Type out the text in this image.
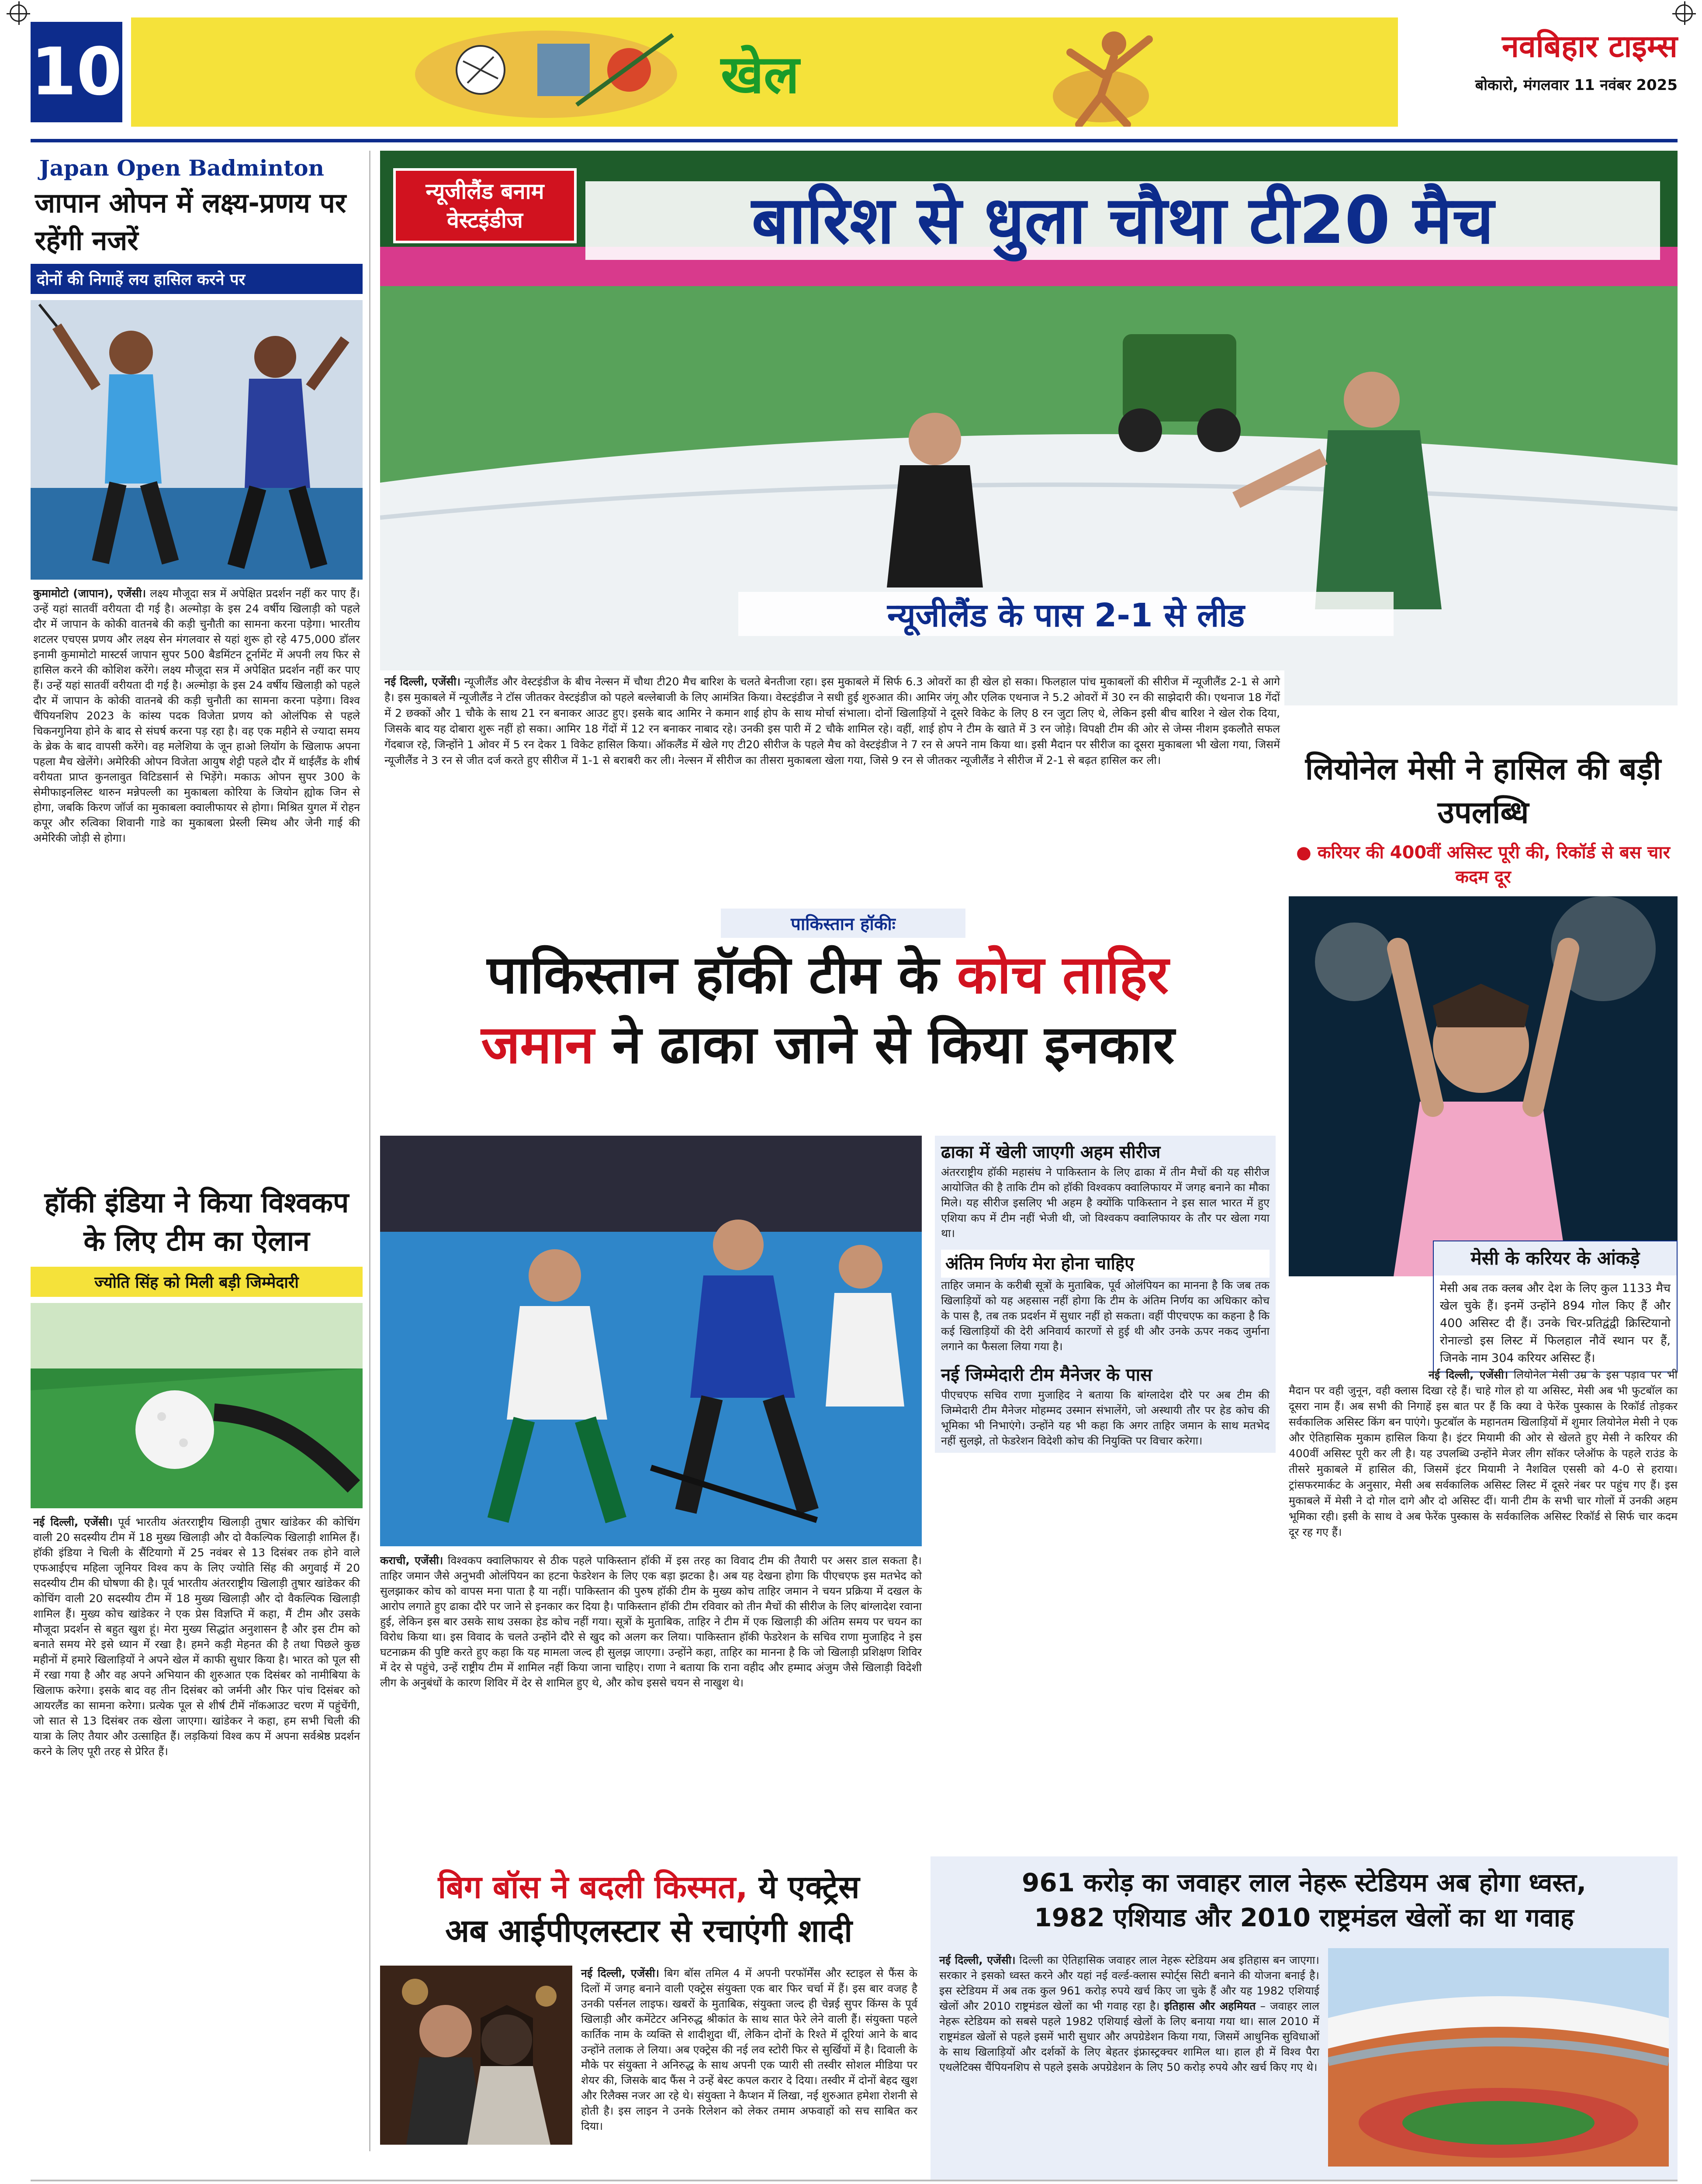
10	खेल	नवबिहार टाइम्स
बोकारो, मंगलवार 11 नवंबर 2025
Japan Open Badminton
जापान ओपन में लक्ष्य-प्रणय पर रहेंगी नजरें
दोनों की निगाहें लय हासिल करने पर
कुमामोटो (जापान), एजेंसी। लक्ष्य मौजूदा सत्र में अपेक्षित प्रदर्शन नहीं कर पाए हैं। उन्हें यहां सातवीं वरीयता दी गई है। अल्मोड़ा के इस 24 वर्षीय खिलाड़ी को पहले दौर में जापान के कोकी वातनबे की कड़ी चुनौती का सामना करना पड़ेगा। भारतीय शटलर एचएस प्रणय और लक्ष्य सेन मंगलवार से यहां शुरू हो रहे 475,000 डॉलर इनामी कुमामोटो मास्टर्स जापान सुपर 500 बैडमिंटन टूर्नामेंट में अपनी लय फिर से हासिल करने की कोशिश करेंगे। लक्ष्य मौजूदा सत्र में अपेक्षित प्रदर्शन नहीं कर पाए हैं। उन्हें यहां सातवीं वरीयता दी गई है। अल्मोड़ा के इस 24 वर्षीय खिलाड़ी को पहले दौर में जापान के कोकी वातनबे की कड़ी चुनौती का सामना करना पड़ेगा। विश्व चैंपियनशिप 2023 के कांस्य पदक विजेता प्रणय को ओलंपिक से पहले चिकनगुनिया होने के बाद से संघर्ष करना पड़ रहा है। वह एक महीने से ज्यादा समय के ब्रेक के बाद वापसी करेंगे। वह मलेशिया के जून हाओ लियोंग के खिलाफ अपना पहला मैच खेलेंगे। अमेरिकी ओपन विजेता आयुष शेट्टी पहले दौर में थाईलैंड के शीर्ष वरीयता प्राप्त कुनलावुत विटिडसार्न से भिड़ेंगे। मकाऊ ओपन सुपर 300 के सेमीफाइनलिस्ट थारुन मन्नेपल्ली का मुकाबला कोरिया के जियोन ह्योक जिन से होगा, जबकि किरण जॉर्ज का मुकाबला क्वालीफायर से होगा। मिश्रित युगल में रोहन कपूर और रुत्विका शिवानी गाडे का मुकाबला प्रेस्ली स्मिथ और जेनी गाई की अमेरिकी जोड़ी से होगा।
हॉकी इंडिया ने किया विश्वकप के लिए टीम का ऐलान
ज्योति सिंह को मिली बड़ी जिम्मेदारी
नई दिल्ली, एजेंसी। पूर्व भारतीय अंतरराष्ट्रीय खिलाड़ी तुषार खांडेकर की कोचिंग वाली 20 सदस्यीय टीम में 18 मुख्य खिलाड़ी और दो वैकल्पिक खिलाड़ी शामिल हैं। हॉकी इंडिया ने चिली के सैंटियागो में 25 नवंबर से 13 दिसंबर तक होने वाले एफआईएच महिला जूनियर विश्व कप के लिए ज्योति सिंह की अगुवाई में 20 सदस्यीय टीम की घोषणा की है। पूर्व भारतीय अंतरराष्ट्रीय खिलाड़ी तुषार खांडेकर की कोचिंग वाली 20 सदस्यीय टीम में 18 मुख्य खिलाड़ी और दो वैकल्पिक खिलाड़ी शामिल हैं। मुख्य कोच खांडेकर ने एक प्रेस विज्ञप्ति में कहा, मैं टीम और उसके मौजूदा प्रदर्शन से बहुत खुश हूं। मेरा मुख्य सिद्धांत अनुशासन है और इस टीम को बनाते समय मेरे इसे ध्यान में रखा है। हमने कड़ी मेहनत की है तथा पिछले कुछ महीनों में हमारे खिलाड़ियों ने अपने खेल में काफी सुधार किया है। भारत को पूल सी में रखा गया है और वह अपने अभियान की शुरुआत एक दिसंबर को नामीबिया के खिलाफ करेगा। इसके बाद वह तीन दिसंबर को जर्मनी और फिर पांच दिसंबर को आयरलैंड का सामना करेगा। प्रत्येक पूल से शीर्ष टीमें नॉकआउट चरण में पहुंचेंगी, जो सात से 13 दिसंबर तक खेला जाएगा। खांडेकर ने कहा, हम सभी चिली की यात्रा के लिए तैयार और उत्साहित हैं। लड़कियां विश्व कप में अपना सर्वश्रेष्ठ प्रदर्शन करने के लिए पूरी तरह से प्रेरित हैं।
न्यूजीलैंड बनाम वेस्टइंडीज	बारिश से धुला चौथा टी20 मैच
न्यूजीलैंड के पास 2-1 से लीड
नई दिल्ली, एजेंसी। न्यूजीलैंड और वेस्टइंडीज के बीच नेल्सन में चौथा टी20 मैच बारिश के चलते बेनतीजा रहा। इस मुकाबले में सिर्फ 6.3 ओवरों का ही खेल हो सका। फिलहाल पांच मुकाबलों की सीरीज में न्यूजीलैंड 2-1 से आगे है। इस मुकाबले में न्यूजीलैंड ने टॉस जीतकर वेस्टइंडीज को पहले बल्लेबाजी के लिए आमंत्रित किया। वेस्टइंडीज ने सधी हुई शुरुआत की। आमिर जंगू और एलिक एथनाज ने 5.2 ओवरों में 30 रन की साझेदारी की। एथनाज 18 गेंदों में 2 छक्कों और 1 चौके के साथ 21 रन बनाकर आउट हुए। इसके बाद आमिर ने कमान शाई होप के साथ मोर्चा संभाला। दोनों खिलाड़ियों ने दूसरे विकेट के लिए 8 रन जुटा लिए थे, लेकिन इसी बीच बारिश ने खेल रोक दिया, जिसके बाद यह दोबारा शुरू नहीं हो सका। आमिर 18 गेंदों में 12 रन बनाकर नाबाद रहे। उनकी इस पारी में 2 चौके शामिल रहे। वहीं, शाई होप ने टीम के खाते में 3 रन जोड़े। विपक्षी टीम की ओर से जेम्स नीशम इकलौते सफल गेंदबाज रहे, जिन्होंने 1 ओवर में 5 रन देकर 1 विकेट हासिल किया। ऑकलैंड में खेले गए टी20 सीरीज के पहले मैच को वेस्टइंडीज ने 7 रन से अपने नाम किया था। इसी मैदान पर सीरीज का दूसरा मुकाबला भी खेला गया, जिसमें न्यूजीलैंड ने 3 रन से जीत दर्ज करते हुए सीरीज में 1-1 से बराबरी कर ली। नेल्सन में सीरीज का तीसरा मुकाबला खेला गया, जिसे 9 रन से जीतकर न्यूजीलैंड ने सीरीज में 2-1 से बढ़त हासिल कर ली।	लियोनेल मेसी ने हासिल की बड़ी उपलब्धि
● करियर की 400वीं असिस्ट पूरी की, रिकॉर्ड से बस चार कदम दूर
मेसी के करियर के आंकड़े
मेसी अब तक क्लब और देश के लिए कुल 1133 मैच खेल चुके हैं। इनमें उन्होंने 894 गोल किए हैं और 400 असिस्ट दी हैं। उनके चिर-प्रतिद्वंद्वी क्रिस्टियानो रोनाल्डो इस लिस्ट में फिलहाल नौवें स्थान पर हैं, जिनके नाम 304 करियर असिस्ट हैं।
नई दिल्ली, एजेंसी। लियोनेल मेसी उम्र के इस पड़ाव पर भी मैदान पर वही जुनून, वही क्लास दिखा रहे हैं। चाहे गोल हो या असिस्ट, मेसी अब भी फुटबॉल का दूसरा नाम हैं। अब सभी की निगाहें इस बात पर हैं कि क्या वे फेरेंक पुस्कास के रिकॉर्ड तोड़कर सर्वकालिक असिस्ट किंग बन पाएंगे। फुटबॉल के महानतम खिलाड़ियों में शुमार लियोनेल मेसी ने एक और ऐतिहासिक मुकाम हासिल किया है। इंटर मियामी की ओर से खेलते हुए मेसी ने करियर की 400वीं असिस्ट पूरी कर ली है। यह उपलब्धि उन्होंने मेजर लीग सॉकर प्लेऑफ के पहले राउंड के तीसरे मुकाबले में हासिल की, जिसमें इंटर मियामी ने नैशविल एससी को 4-0 से हराया। ट्रांसफरमार्कट के अनुसार, मेसी अब सर्वकालिक असिस्ट लिस्ट में दूसरे नंबर पर पहुंच गए हैं। इस मुकाबले में मेसी ने दो गोल दागे और दो असिस्ट दीं। यानी टीम के सभी चार गोलों में उनकी अहम भूमिका रही। इसी के साथ वे अब फेरेंक पुस्कास के सर्वकालिक असिस्ट रिकॉर्ड से सिर्फ चार कदम दूर रह गए हैं।
पाकिस्तान हॉकीः
पाकिस्तान हॉकी टीम के कोच ताहिर
जमान ने ढाका जाने से किया इनकार
ढाका में खेली जाएगी अहम सीरीज
अंतरराष्ट्रीय हॉकी महासंघ ने पाकिस्तान के लिए ढाका में तीन मैचों की यह सीरीज आयोजित की है ताकि टीम को हॉकी विश्वकप क्वालिफायर में जगह बनाने का मौका मिले। यह सीरीज इसलिए भी अहम है क्योंकि पाकिस्तान ने इस साल भारत में हुए एशिया कप में टीम नहीं भेजी थी, जो विश्वकप क्वालिफायर के तौर पर खेला गया था।
अंतिम निर्णय मेरा होना चाहिए
ताहिर जमान के करीबी सूत्रों के मुताबिक, पूर्व ओलंपियन का मानना है कि जब तक खिलाड़ियों को यह अहसास नहीं होगा कि टीम के अंतिम निर्णय का अधिकार कोच के पास है, तब तक प्रदर्शन में सुधार नहीं हो सकता। वहीं पीएचएफ का कहना है कि कई खिलाड़ियों की देरी अनिवार्य कारणों से हुई थी और उनके ऊपर नकद जुर्माना लगाने का फैसला लिया गया है।
नई जिम्मेदारी टीम मैनेजर के पास
पीएचएफ सचिव राणा मुजाहिद ने बताया कि बांग्लादेश दौरे पर अब टीम की जिम्मेदारी टीम मैनेजर मोहम्मद उस्मान संभालेंगे, जो अस्थायी तौर पर हेड कोच की भूमिका भी निभाएंगे। उन्होंने यह भी कहा कि अगर ताहिर जमान के साथ मतभेद नहीं सुलझे, तो फेडरेशन विदेशी कोच की नियुक्ति पर विचार करेगा।
कराची, एजेंसी। विश्वकप क्वालिफायर से ठीक पहले पाकिस्तान हॉकी में इस तरह का विवाद टीम की तैयारी पर असर डाल सकता है। ताहिर जमान जैसे अनुभवी ओलंपियन का हटना फेडरेशन के लिए एक बड़ा झटका है। अब यह देखना होगा कि पीएचएफ इस मतभेद को सुलझाकर कोच को वापस मना पाता है या नहीं। पाकिस्तान की पुरुष हॉकी टीम के मुख्य कोच ताहिर जमान ने चयन प्रक्रिया में दखल के आरोप लगाते हुए ढाका दौरे पर जाने से इनकार कर दिया है। पाकिस्तान हॉकी टीम रविवार को तीन मैचों की सीरीज के लिए बांग्लादेश रवाना हुई, लेकिन इस बार उसके साथ उसका हेड कोच नहीं गया। सूत्रों के मुताबिक, ताहिर ने टीम में एक खिलाड़ी की अंतिम समय पर चयन का विरोध किया था। इस विवाद के चलते उन्होंने दौरे से खुद को अलग कर लिया। पाकिस्तान हॉकी फेडरेशन के सचिव राणा मुजाहिद ने इस घटनाक्रम की पुष्टि करते हुए कहा कि यह मामला जल्द ही सुलझ जाएगा। उन्होंने कहा, ताहिर का मानना है कि जो खिलाड़ी प्रशिक्षण शिविर में देर से पहुंचे, उन्हें राष्ट्रीय टीम में शामिल नहीं किया जाना चाहिए। राणा ने बताया कि राना वहीद और हम्माद अंजुम जैसे खिलाड़ी विदेशी लीग के अनुबंधों के कारण शिविर में देर से शामिल हुए थे, और कोच इससे चयन से नाखुश थे।
बिग बॉस ने बदली किस्मत, ये एक्ट्रेस
अब आईपीएलस्टार से रचाएंगी शादी
नई दिल्ली, एजेंसी। बिग बॉस तमिल 4 में अपनी परफॉर्मेंस और स्टाइल से फैंस के दिलों में जगह बनाने वाली एक्ट्रेस संयुक्ता एक बार फिर चर्चा में हैं। इस बार वजह है उनकी पर्सनल लाइफ। खबरों के मुताबिक, संयुक्ता जल्द ही चेन्नई सुपर किंग्स के पूर्व खिलाड़ी और कमेंटेटर अनिरुद्ध श्रीकांत के साथ सात फेरे लेने वाली हैं। संयुक्ता पहले कार्तिक नाम के व्यक्ति से शादीशुदा थीं, लेकिन दोनों के रिश्ते में दूरियां आने के बाद उन्होंने तलाक ले लिया। अब एक्ट्रेस की नई लव स्टोरी फिर से सुर्खियों में है। दिवाली के मौके पर संयुक्ता ने अनिरुद्ध के साथ अपनी एक प्यारी सी तस्वीर सोशल मीडिया पर शेयर की, जिसके बाद फैंस ने उन्हें बेस्ट कपल करार दे दिया। तस्वीर में दोनों बेहद खुश और रिलैक्स नजर आ रहे थे। संयुक्ता ने कैप्शन में लिखा, नई शुरुआत हमेशा रोशनी से होती है। इस लाइन ने उनके रिलेशन को लेकर तमाम अफवाहों को सच साबित कर दिया।
961 करोड़ का जवाहर लाल नेहरू स्टेडियम अब होगा ध्वस्त,
1982 एशियाड और 2010 राष्ट्रमंडल खेलों का था गवाह
नई दिल्ली, एजेंसी। दिल्ली का ऐतिहासिक जवाहर लाल नेहरू स्टेडियम अब इतिहास बन जाएगा। सरकार ने इसको ध्वस्त करने और यहां नई वर्ल्ड-क्लास स्पोर्ट्स सिटी बनाने की योजना बनाई है। इस स्टेडियम में अब तक कुल 961 करोड़ रुपये खर्च किए जा चुके हैं और यह 1982 एशियाई खेलों और 2010 राष्ट्रमंडल खेलों का भी गवाह रहा है। इतिहास और अहमियत – जवाहर लाल नेहरू स्टेडियम को सबसे पहले 1982 एशियाई खेलों के लिए बनाया गया था। साल 2010 में राष्ट्रमंडल खेलों से पहले इसमें भारी सुधार और अपग्रेडेशन किया गया, जिसमें आधुनिक सुविधाओं के साथ खिलाड़ियों और दर्शकों के लिए बेहतर इंफ्रास्ट्रक्चर शामिल था। हाल ही में विश्व पैरा एथलेटिक्स चैंपियनशिप से पहले इसके अपग्रेडेशन के लिए 50 करोड़ रुपये और खर्च किए गए थे।
